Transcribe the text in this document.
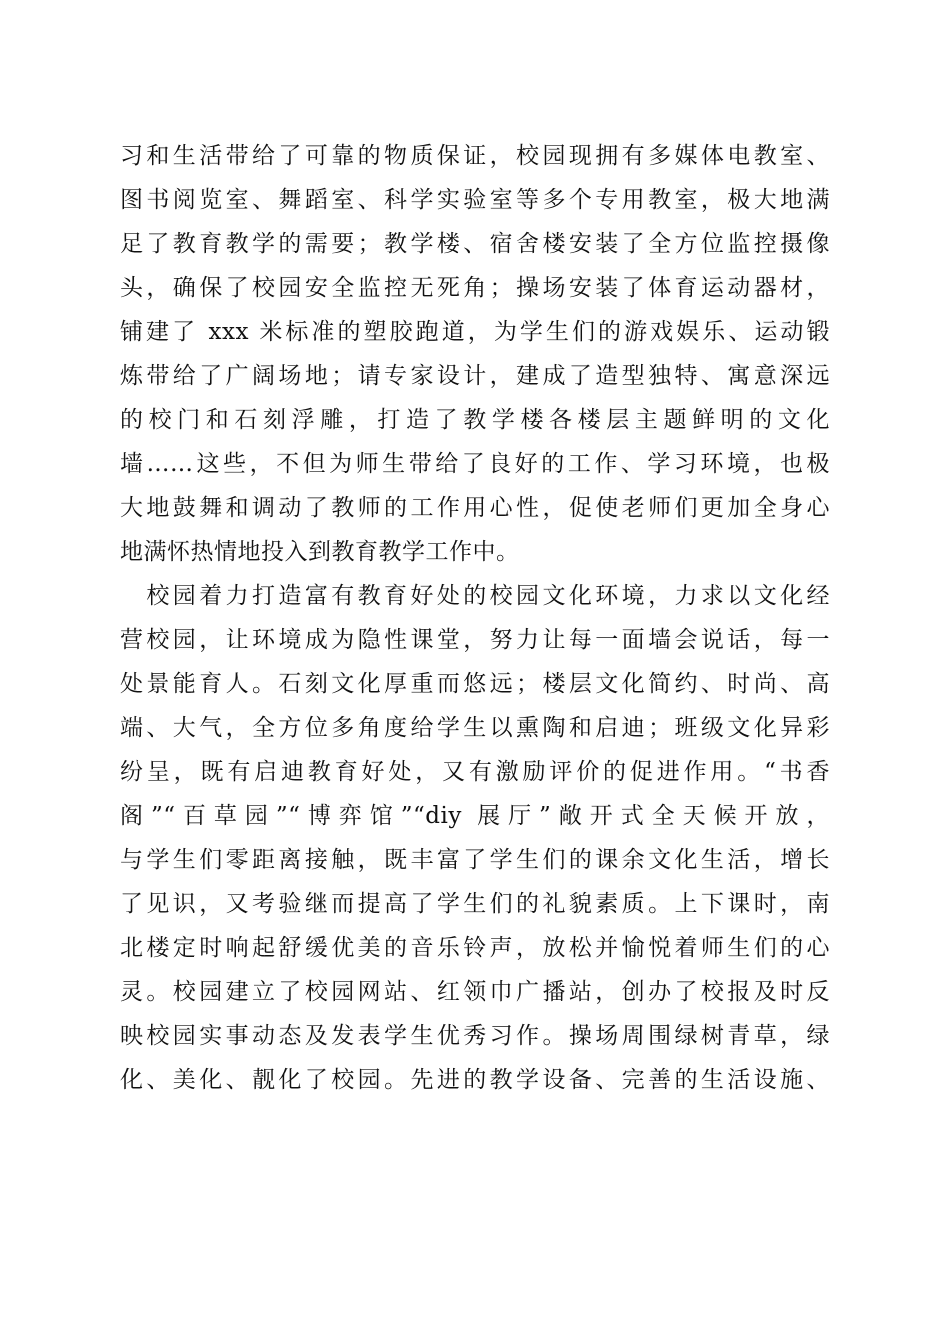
习和生活带给了可靠的物质保证，校园现拥有多媒体电教室、
图书阅览室、舞蹈室、科学实验室等多个专用教室，极大地满
足了教育教学的需要；教学楼、宿舍楼安装了全方位监控摄像
头，确保了校园安全监控无死角；操场安装了体育运动器材，
铺建了 xxx 米标准的塑胶跑道，为学生们的游戏娱乐、运动锻
炼带给了广阔场地；请专家设计，建成了造型独特、寓意深远
的校门和石刻浮雕，打造了教学楼各楼层主题鲜明的文化
墙……这些，不但为师生带给了良好的工作、学习环境，也极
大地鼓舞和调动了教师的工作用心性，促使老师们更加全身心
地满怀热情地投入到教育教学工作中。
　校园着力打造富有教育好处的校园文化环境，力求以文化经
营校园，让环境成为隐性课堂，努力让每一面墙会说话，每一
处景能育人。石刻文化厚重而悠远；楼层文化简约、时尚、高
端、大气，全方位多角度给学生以熏陶和启迪；班级文化异彩
纷呈，既有启迪教育好处，又有激励评价的促进作用。“书香
阁”“百草园”“博弈馆”“diy 展厅”敞开式全天候开放，
与学生们零距离接触，既丰富了学生们的课余文化生活，增长
了见识，又考验继而提高了学生们的礼貌素质。上下课时，南
北楼定时响起舒缓优美的音乐铃声，放松并愉悦着师生们的心
灵。校园建立了校园网站、红领巾广播站，创办了校报及时反
映校园实事动态及发表学生优秀习作。操场周围绿树青草，绿
化、美化、靓化了校园。先进的教学设备、完善的生活设施、
